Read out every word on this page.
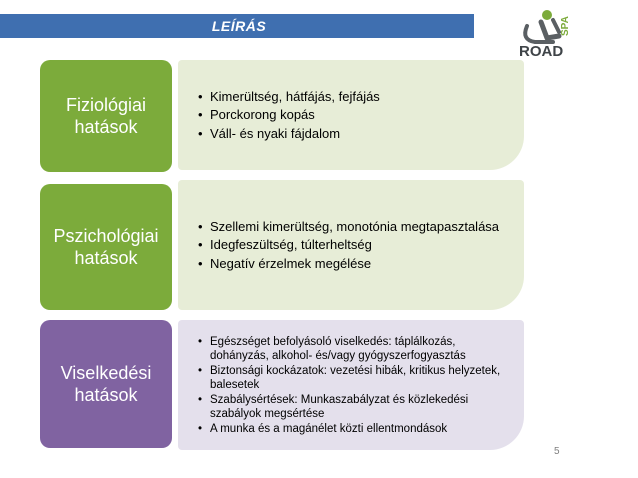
LEÍRÁS
ROAD
SPA
• Kimerültség, hátfájás, fejfájás
• Porckorong kopás
• Váll- és nyaki fájdalom
Fiziológiai
hatások
• Szellemi kimerültség, monotónia megtapasztalása
• Idegfeszültség, túlterheltség
• Negatív érzelmek megélése
Pszichológiai
hatások
• Egészséget befolyásoló viselkedés: táplálkozás, dohányzás, alkohol- és/vagy gyógyszerfogyasztás
• Biztonsági kockázatok: vezetési hibák, kritikus helyzetek, balesetek
• Szabálysértések: Munkaszabályzat és közlekedési szabályok megsértése
• A munka és a magánélet közti ellentmondások
Viselkedési
hatások
5
